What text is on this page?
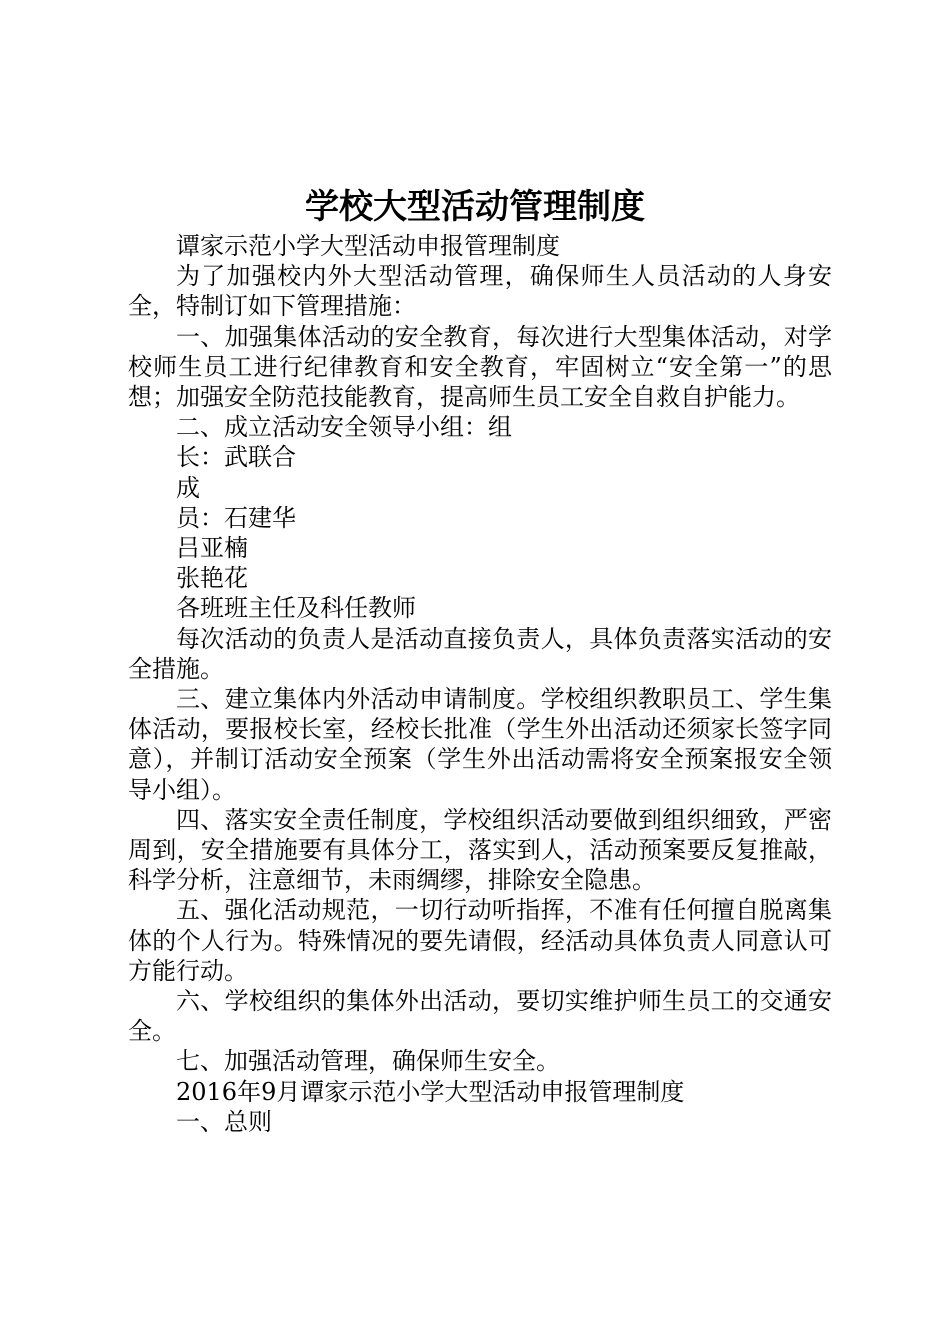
学校大型活动管理制度

谭家示范小学大型活动申报管理制度

为了加强校内外大型活动管理，确保师生人员活动的人身安全，特制订如下管理措施：

一、加强集体活动的安全教育，每次进行大型集体活动，对学校师生员工进行纪律教育和安全教育，牢固树立“安全第一”的思想；加强安全防范技能教育，提高师生员工安全自救自护能力。

二、成立活动安全领导小组：组

长：武联合

成

员：石建华

吕亚楠

张艳花

各班班主任及科任教师

每次活动的负责人是活动直接负责人，具体负责落实活动的安全措施。

三、建立集体内外活动申请制度。学校组织教职员工、学生集体活动，要报校长室，经校长批准（学生外出活动还须家长签字同意），并制订活动安全预案（学生外出活动需将安全预案报安全领导小组）。

四、落实安全责任制度，学校组织活动要做到组织细致，严密周到，安全措施要有具体分工，落实到人，活动预案要反复推敲，科学分析，注意细节，未雨绸缪，排除安全隐患。

五、强化活动规范，一切行动听指挥，不准有任何擅自脱离集体的个人行为。特殊情况的要先请假，经活动具体负责人同意认可方能行动。

六、学校组织的集体外出活动，要切实维护师生员工的交通安全。

七、加强活动管理，确保师生安全。

2016年9月谭家示范小学大型活动申报管理制度

一、总则
